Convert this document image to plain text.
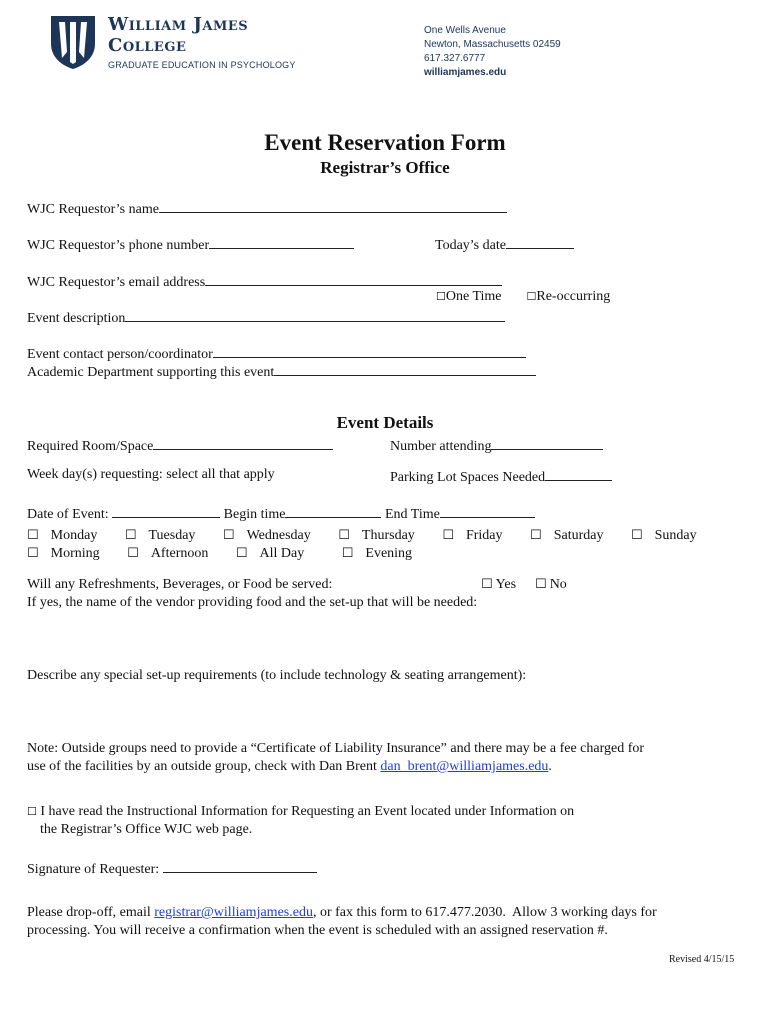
William James
College
GRADUATE EDUCATION IN PSYCHOLOGY
One Wells Avenue
Newton, Massachusetts 02459
617.327.6777
williamjames.edu
Event Reservation Form
Registrar’s Office
WJC Requestor’s name
WJC Requestor’s phone number	Today’s date
WJC Requestor’s email address
☐One Time ☐Re-occurring
Event description
Event contact person/coordinator
Academic Department supporting this event
Event Details
Required Room/Space	Number attending
Week day(s) requesting: select all that apply	Parking Lot Spaces Needed
Date of Event:	Begin time	End Time
☐ Monday ☐ Tuesday ☐ Wednesday ☐ Thursday ☐ Friday ☐ Saturday ☐ Sunday
☐ Morning ☐ Afternoon ☐ All Day	☐ Evening
Will any Refreshments, Beverages, or Food be served:	☐ Yes ☐ No
If yes, the name of the vendor providing food and the set-up that will be needed:
Describe any special set-up requirements (to include technology & seating arrangement):
Note: Outside groups need to provide a “Certificate of Liability Insurance” and there may be a fee charged for
use of the facilities by an outside group, check with Dan Brent dan_brent@williamjames.edu.
☐ I have read the Instructional Information for Requesting an Event located under Information on
the Registrar’s Office WJC web page.
Signature of Requester:
Please drop-off, email registrar@williamjames.edu, or fax this form to 617.477.2030.  Allow 3 working days for
processing. You will receive a confirmation when the event is scheduled with an assigned reservation #.
Revised 4/15/15
